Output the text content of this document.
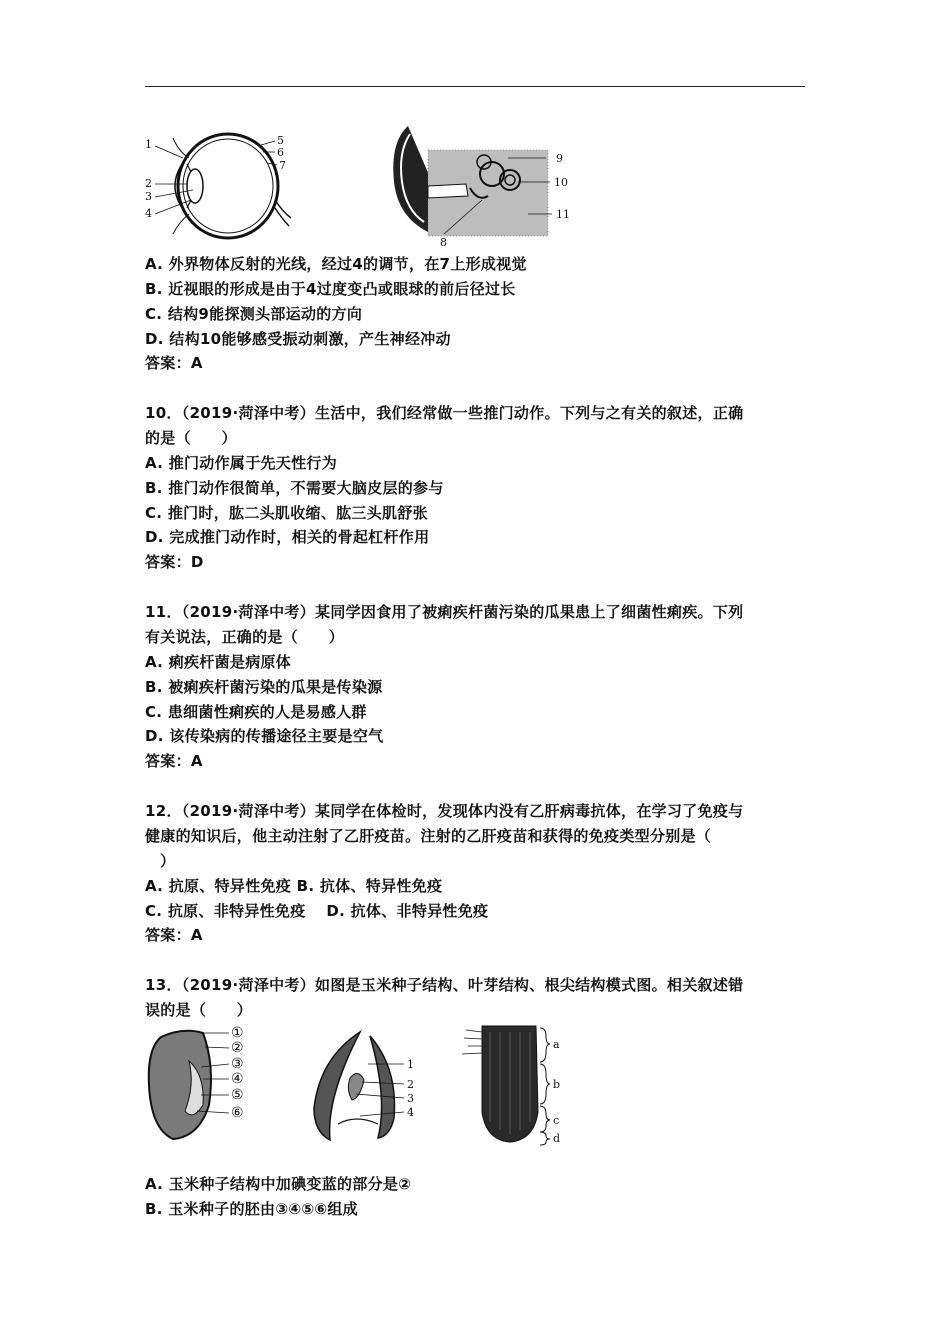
1
2
3
4
5
6
7
8
9
10
11
A. 外界物体反射的光线，经过4的调节，在7上形成视觉
B. 近视眼的形成是由于4过度变凸或眼球的前后径过长
C. 结构9能探测头部运动的方向
D. 结构10能够感受振动刺激，产生神经冲动
答案：A
10．（2019·菏泽中考）生活中，我们经常做一些推门动作。下列与之有关的叙述，正确
的是（　　）
A. 推门动作属于先天性行为
B. 推门动作很简单，不需要大脑皮层的参与
C. 推门时，肱二头肌收缩、肱三头肌舒张
D. 完成推门动作时，相关的骨起杠杆作用
答案：D
11．（2019·菏泽中考）某同学因食用了被痢疾杆菌污染的瓜果患上了细菌性痢疾。下列
有关说法，正确的是（　　）
A. 痢疾杆菌是病原体
B. 被痢疾杆菌污染的瓜果是传染源
C. 患细菌性痢疾的人是易感人群
D. 该传染病的传播途径主要是空气
答案：A
12．（2019·菏泽中考）某同学在体检时，发现体内没有乙肝病毒抗体，在学习了免疫与
健康的知识后，他主动注射了乙肝疫苗。注射的乙肝疫苗和获得的免疫类型分别是（
）
A. 抗原、特异性免疫 B. 抗体、特异性免疫
C. 抗原、非特异性免疫　 D. 抗体、非特异性免疫
答案：A
13．（2019·菏泽中考）如图是玉米种子结构、叶芽结构、根尖结构模式图。相关叙述错
误的是（　　）
①
②
③
④
⑤
⑥
1
2
3
4
a
b
c
d
A. 玉米种子结构中加碘变蓝的部分是②
B. 玉米种子的胚由③④⑤⑥组成
